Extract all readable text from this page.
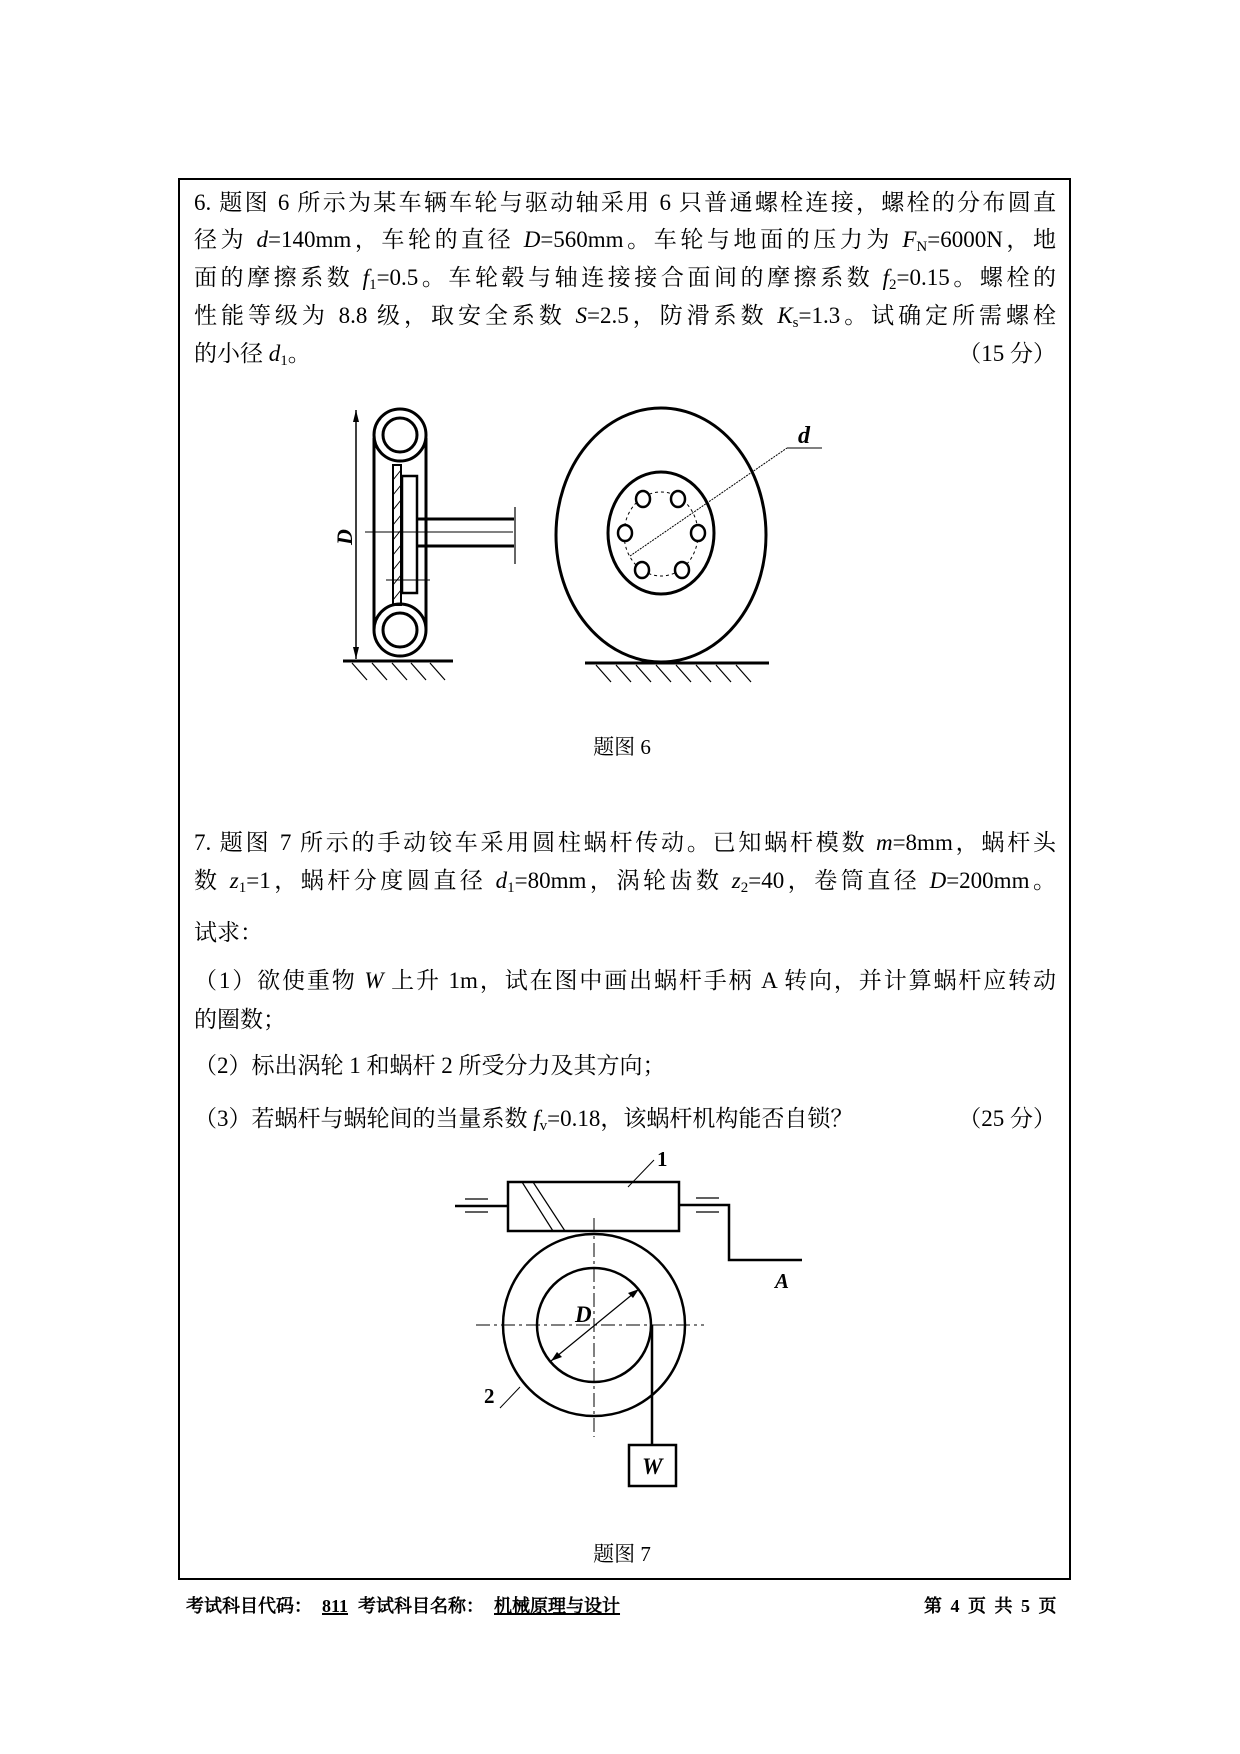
6. 题图 6 所示为某车辆车轮与驱动轴采用 6 只普通螺栓连接，螺栓的分布圆直
径为 d=140mm，车轮的直径 D=560mm。车轮与地面的压力为 $F_N=6000N$，地
面的摩擦系数 $f_1=0.5$。车轮毂与轴连接接合面间的摩擦系数 $f_2=0.15$。螺栓的
性能等级为 8.8 级，取安全系数 S=2.5，防滑系数 $K_s=1.3$。试确定所需螺栓
的小径 $d_1$。	（15 分）
7. 题图 7 所示的手动铰车采用圆柱蜗杆传动。已知蜗杆模数 m=8mm，蜗杆头
数 $z_1=1$，蜗杆分度圆直径 $d_1=80mm$，涡轮齿数 $z_2=40$，卷筒直径 D=200mm。
试求：
（1）欲使重物 W 上升 1m，试在图中画出蜗杆手柄 A 转向，并计算蜗杆应转动
的圈数；
（2）标出涡轮 1 和蜗杆 2 所受分力及其方向；
（3）若蜗杆与蜗轮间的当量系数 $f_v=0.18$，该蜗杆机构能否自锁？	（25 分）
D
d
1
2
A
D
W
题图 6
题图 7
考试科目代码： 811 考试科目名称： 机械原理与设计	第 4 页 共 5 页
